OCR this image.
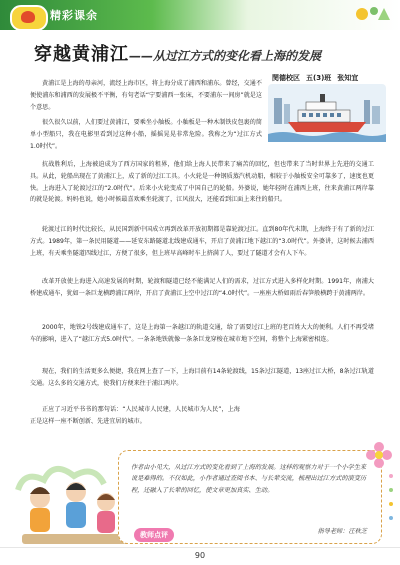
精彩课余
穿越黄浦江——从过江方式的变化看上海的发展
閔德校区 五(3)班 张知宜
黄浦江是上海的母亲河，流经上海市区，将上海分成了浦西和浦东。曾经，交通不便使浦东和浦西的发展极不平衡，有句老话“宁要浦西一张床，不要浦东一间房”就是这个意思。
很久很久以前，人们要过黄浦江，要乘坐小舢板。小舢板是一种木制铁皮包裹的简单小型船只，我在电影里看到过这种小船，摇摇晃晃非常危险。我称之为“过江方式1.0时代”。
抗战胜利后，上海被迫成为了西方国家的租界，他们给上海人民带来了痛苦的回忆，但也带来了当时世界上先进的交通工具。从此，轮船出现在了黄浦江上，成了新的过江工具。小火轮是一种钢质蒸汽机动船，相较于小舢板安全可靠多了，速度也更快。上海进入了轮渡过江的“2.0时代”。后来小火轮变成了中国自己的轮船。外婆说，她年轻时在浦西上班，往来黄浦江两岸靠的就是轮渡。妈妈也说，她小时候最喜欢乘坐轮渡了，江风很大，还能看到江面上来往的船只。
轮渡过江的时代比较长，从民国到新中国成立再到改革开放初期都是靠轮渡过江。直到80年代末期，上海终于有了新的过江方式。1989年，第一条民用隧道——延安东路隧道北线建成通车，开启了黄浦江地下越江的“3.0时代”。外婆讲，这时候去浦西上班，有天乘坐隧道四线过江，方便了很多，但上班早高峰时车上挤满了人，要过了隧道才会有人下车。
改革开放使上海进入高速发展的时期，轮渡和隧道已经不能满足人们的需求，过江方式进入多样化时期。1991年，南浦大桥建成通车，犹如一条巨龙横跨浦江两岸，开启了黄浦江上空中过江的“4.0时代”。一座座大桥如雨后春笋般横跨于黄浦两岸。
2000年，地铁2号线建成通车了，这是上海第一条越江的轨道交通，给了需要过江上班的老百姓大大的便利。人们不再受堵车的影响，进入了“越江方式5.0时代”。一条条地铁就像一条条巨龙穿梭在城市地下空间，将整个上海紧密相连。
现在，我们的生活更多么便捷，我在网上查了一下，上海目前有14条轮渡线，15条过江隧道，13座过江大桥，8条过江轨道交通。这么多的交通方式，使我们方便来往于浦江两岸。
正应了习近平书书的那句话：“人民城市人民建，人民城市为人民”，上海正是这样一座不断创新、先进宜居的城市。
作者由小见大，从过江方式的变化看到了上海的发展。这样的观察力对于一个小学生来说是难得的。不仅如此，小作者通过查阅书本、与长辈交流，梳理出过江方式的演变历程，还融入了长辈的回忆，使文章更加真实、生动。
指导老师：汪秋芝
教师点评
90
